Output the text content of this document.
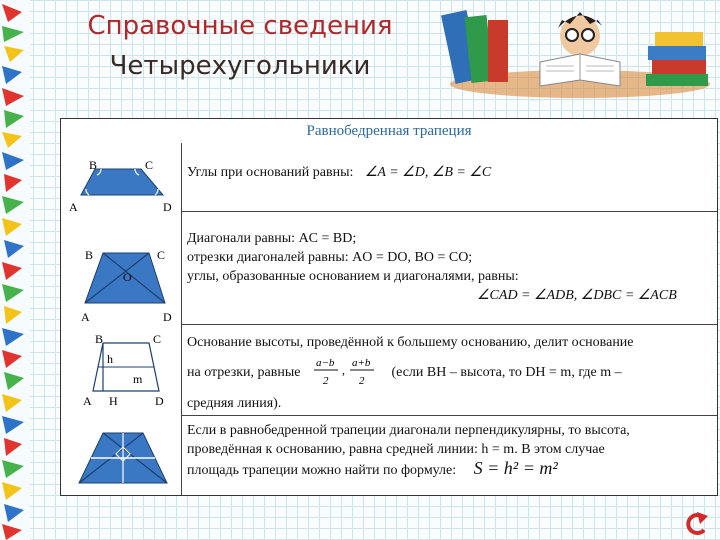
Справочные сведения
Четырехугольники
Равнобедренная трапеция
B	C
A	D
Углы при оснований равны: ∠A = ∠D, ∠B = ∠C
B	C
O
A	D
Диагонали равны: AC = BD;
отрезки диагоналей равны: AO = DO, BO = CO;
углы, образованные основанием и диагоналями, равны:
∠CAD = ∠ADB, ∠DBC = ∠ACB
B	C
h
m
A H	D
Основание высоты, проведённой к большему основанию, делит основание
на отрезки, равные
a−b
2
, a+b
2
(если BH – высота, то DH = m, где m –
средняя линия).
Если в равнобедренной трапеции диагонали перпендикулярны, то высота,
проведённая к основанию, равна средней линии: h = m. В этом случае
площадь трапеции можно найти по формуле: S = h² = m²
